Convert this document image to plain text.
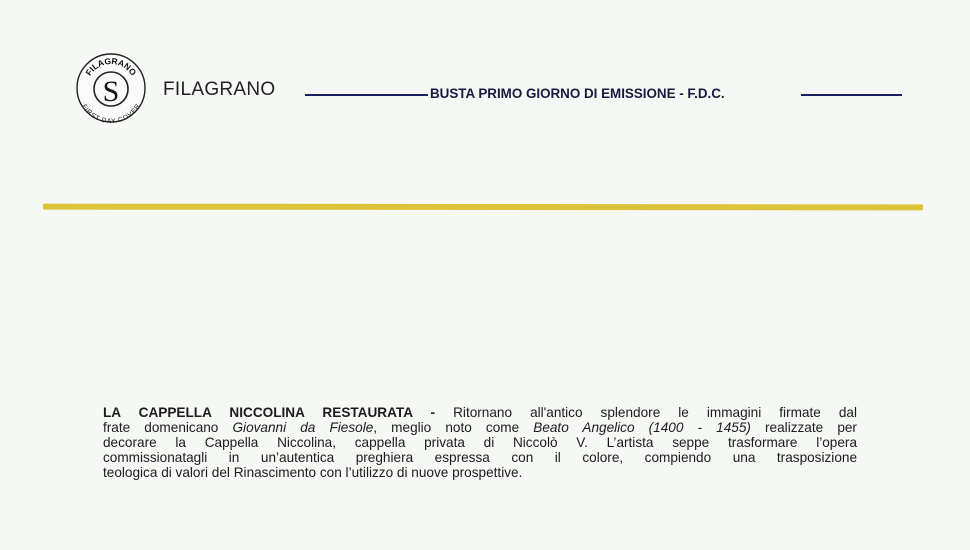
S
FILAGRANO
FIRST DAY COVER
FILAGRANO	BUSTA PRIMO GIORNO DI EMISSIONE - F.D.C.
LA CAPPELLA NICCOLINA RESTAURATA - Ritornano all'antico splendore le immagini firmate dal
frate domenicano Giovanni da Fiesole, meglio noto come Beato Angelico (1400 - 1455) realizzate per
decorare la Cappella Niccolina, cappella privata di Niccolò V. L’artista seppe trasformare l’opera
commissionatagli in un’autentica preghiera espressa con il colore, compiendo una trasposizione
teologica di valori del Rinascimento con l’utilizzo di nuove prospettive.
